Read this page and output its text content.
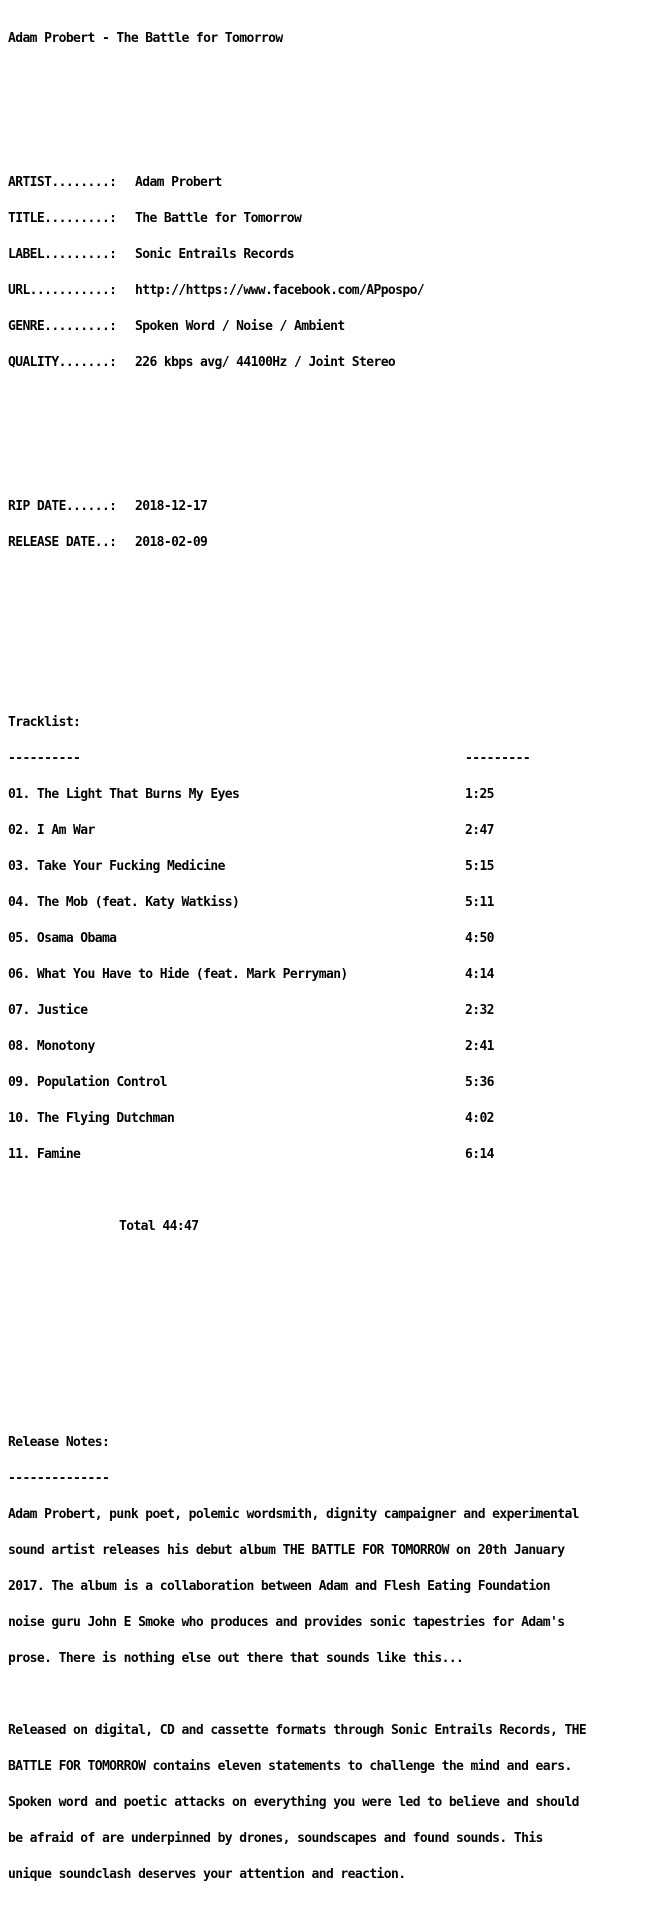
Adam Probert - The Battle for Tomorrow

ARTIST........:	Adam Probert

TITLE.........:	The Battle for Tomorrow

LABEL.........:	Sonic Entrails Records

URL...........:	http://https://www.facebook.com/APpospo/

GENRE.........:	Spoken Word / Noise / Ambient

QUALITY.......:	226 kbps avg/ 44100Hz / Joint Stereo

RIP DATE......:	2018-12-17

RELEASE DATE..:	2018-02-09

Tracklist:

----------	---------

01. The Light That Burns My Eyes	1:25

02. I Am War	2:47

03. Take Your Fucking Medicine	5:15

04. The Mob (feat. Katy Watkiss)	5:11

05. Osama Obama	4:50

06. What You Have to Hide (feat. Mark Perryman)	4:14

07. Justice	2:32

08. Monotony	2:41

09. Population Control	5:36

10. The Flying Dutchman	4:02

11. Famine	6:14

Total 44:47

Release Notes:

--------------

Adam Probert, punk poet, polemic wordsmith, dignity campaigner and experimental

sound artist releases his debut album THE BATTLE FOR TOMORROW on 20th January

2017. The album is a collaboration between Adam and Flesh Eating Foundation

noise guru John E Smoke who produces and provides sonic tapestries for Adam's

prose. There is nothing else out there that sounds like this...

Released on digital, CD and cassette formats through Sonic Entrails Records, THE

BATTLE FOR TOMORROW contains eleven statements to challenge the mind and ears.

Spoken word and poetic attacks on everything you were led to believe and should

be afraid of are underpinned by drones, soundscapes and found sounds. This

unique soundclash deserves your attention and reaction.
